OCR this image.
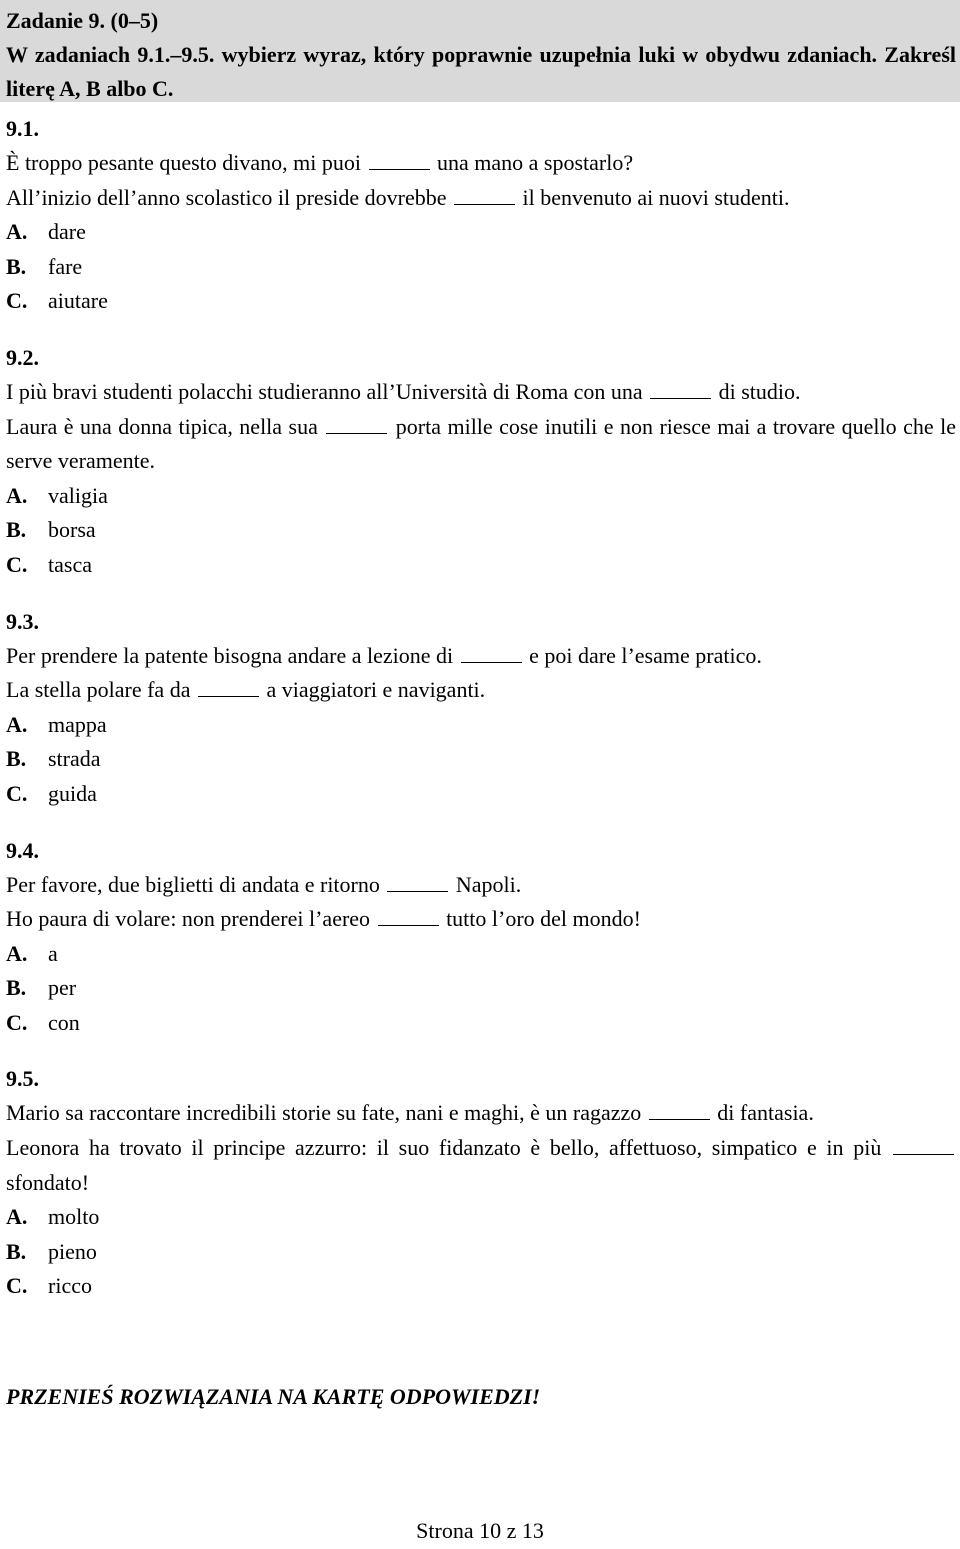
Zadanie 9. (0–5)
W zadaniach 9.1.–9.5. wybierz wyraz, który poprawnie uzupełnia luki w obydwu zdaniach. Zakreśl literę A, B albo C.
9.1.
È troppo pesante questo divano, mi puoi	una mano a spostarlo?
All’inizio dell’anno scolastico il preside dovrebbe	il benvenuto ai nuovi studenti.
A. dare
B. fare
C. aiutare
9.2.
I più bravi studenti polacchi studieranno all’Università di Roma con una	di studio.
Laura è una donna tipica, nella sua	porta mille cose inutili e non riesce mai a trovare quello che le serve veramente.
A. valigia
B. borsa
C. tasca
9.3.
Per prendere la patente bisogna andare a lezione di	e poi dare l’esame pratico.
La stella polare fa da	a viaggiatori e naviganti.
A. mappa
B. strada
C. guida
9.4.
Per favore, due biglietti di andata e ritorno	Napoli.
Ho paura di volare: non prenderei l’aereo	tutto l’oro del mondo!
A. a
B. per
C. con
9.5.
Mario sa raccontare incredibili storie su fate, nani e maghi, è un ragazzo	di fantasia.
Leonora ha trovato il principe azzurro: il suo fidanzato è bello, affettuoso, simpatico e in più  sfondato!
A. molto
B. pieno
C. ricco
PRZENIEŚ ROZWIĄZANIA NA KARTĘ ODPOWIEDZI!
Strona 10 z 13
